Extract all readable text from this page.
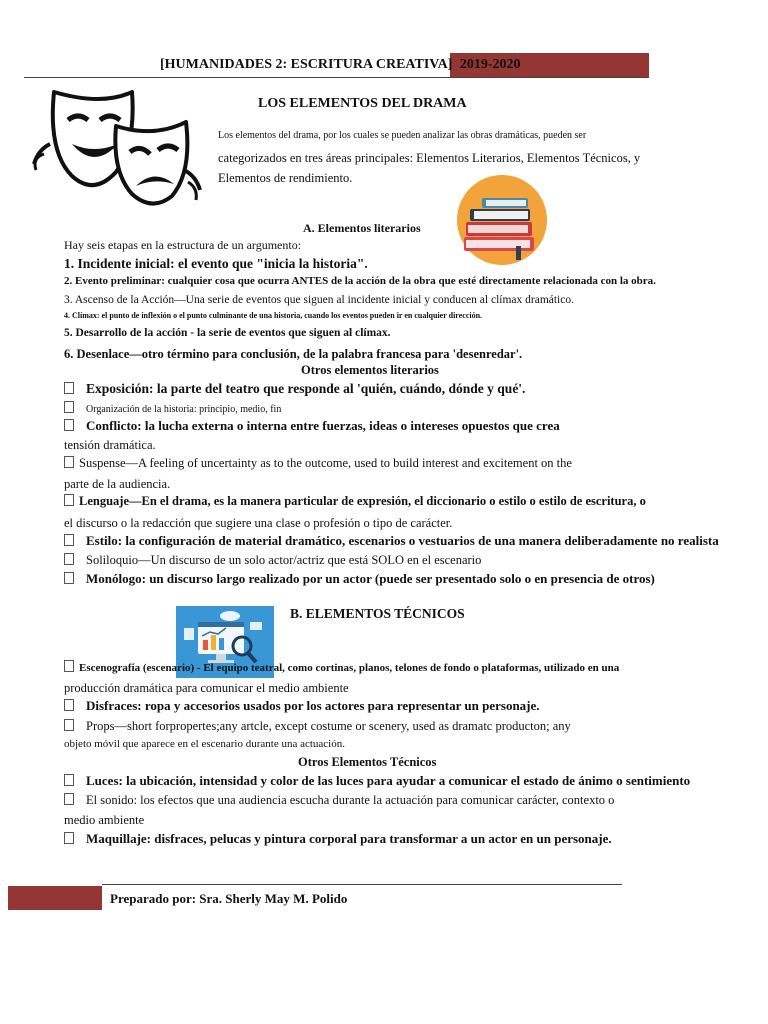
[HUMANIDADES 2: ESCRITURA CREATIVA] 2019-2020
LOS ELEMENTOS DEL DRAMA
Los elementos del drama, por los cuales se pueden analizar las obras dramáticas, pueden ser
categorizados en tres áreas principales: Elementos Literarios, Elementos Técnicos, y
Elementos de rendimiento.
A. Elementos literarios
Hay seis etapas en la estructura de un argumento:
1. Incidente inicial: el evento que "inicia la historia".
2. Evento preliminar: cualquier cosa que ocurra ANTES de la acción de la obra que esté directamente relacionada con la obra.
3. Ascenso de la Acción—Una serie de eventos que siguen al incidente inicial y conducen al clímax dramático.
4. Clímax: el punto de inflexión o el punto culminante de una historia, cuando los eventos pueden ir en cualquier dirección.
5. Desarrollo de la acción - la serie de eventos que siguen al clímax.
6. Desenlace—otro término para conclusión, de la palabra francesa para 'desenredar'.
Otros elementos literarios
Exposición: la parte del teatro que responde al 'quién, cuándo, dónde y qué'.
Organización de la historia: principio, medio, fin
Conflicto: la lucha externa o interna entre fuerzas, ideas o intereses opuestos que crea
tensión dramática.
Suspense—A feeling of uncertainty as to the outcome, used to build interest and excitement on the
parte de la audiencia.
Lenguaje—En el drama, es la manera particular de expresión, el diccionario o estilo o estilo de escritura, o
el discurso o la redacción que sugiere una clase o profesión o tipo de carácter.
Estilo: la configuración de material dramático, escenarios o vestuarios de una manera deliberadamente no realista
Soliloquio—Un discurso de un solo actor/actriz que está SOLO en el escenario
Monólogo: un discurso largo realizado por un actor (puede ser presentado solo o en presencia de otros)
B. ELEMENTOS TÉCNICOS
Escenografía (escenario) - El equipo teatral, como cortinas, planos, telones de fondo o plataformas, utilizado en una
producción dramática para comunicar el medio ambiente
Disfraces: ropa y accesorios usados por los actores para representar un personaje.
Props—short forpropertes;any artcle, except costume or scenery, used as dramatc producton; any
objeto móvil que aparece en el escenario durante una actuación.
Otros Elementos Técnicos
Luces: la ubicación, intensidad y color de las luces para ayudar a comunicar el estado de ánimo o sentimiento
El sonido: los efectos que una audiencia escucha durante la actuación para comunicar carácter, contexto o
medio ambiente
Maquillaje: disfraces, pelucas y pintura corporal para transformar a un actor en un personaje.
Preparado por: Sra. Sherly May M. Polido
